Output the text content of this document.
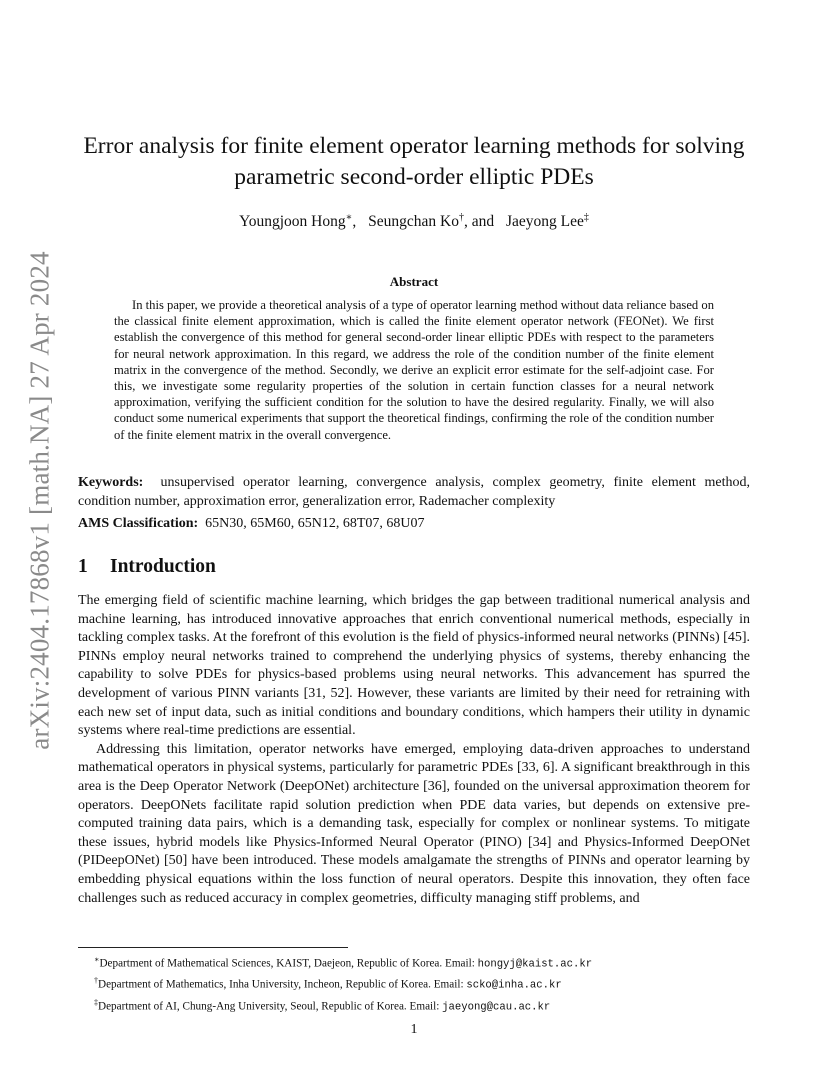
arXiv:2404.17868v1 [math.NA] 27 Apr 2024
Error analysis for finite element operator learning methods for solving parametric second-order elliptic PDEs
Youngjoon Hong∗, Seungchan Ko†, and Jaeyong Lee‡
Abstract
In this paper, we provide a theoretical analysis of a type of operator learning method without data reliance based on the classical finite element approximation, which is called the finite element operator network (FEONet). We first establish the convergence of this method for general second-order linear elliptic PDEs with respect to the parameters for neural network approximation. In this regard, we address the role of the condition number of the finite element matrix in the convergence of the method. Secondly, we derive an explicit error estimate for the self-adjoint case. For this, we investigate some regularity properties of the solution in certain function classes for a neural network approximation, verifying the sufficient condition for the solution to have the desired regularity. Finally, we will also conduct some numerical experiments that support the theoretical findings, confirming the role of the condition number of the finite element matrix in the overall convergence.
Keywords: unsupervised operator learning, convergence analysis, complex geometry, finite element method, condition number, approximation error, generalization error, Rademacher complexity
AMS Classification: 65N30, 65M60, 65N12, 68T07, 68U07
1 Introduction

The emerging field of scientific machine learning, which bridges the gap between traditional numerical analysis and machine learning, has introduced innovative approaches that enrich conventional numerical methods, especially in tackling complex tasks. At the forefront of this evolution is the field of physics-informed neural networks (PINNs) [45]. PINNs employ neural networks trained to comprehend the underlying physics of systems, thereby enhancing the capability to solve PDEs for physics-based problems using neural networks. This advancement has spurred the development of various PINN variants [31, 52]. However, these variants are limited by their need for retraining with each new set of input data, such as initial conditions and boundary conditions, which hampers their utility in dynamic systems where real-time predictions are essential.

Addressing this limitation, operator networks have emerged, employing data-driven approaches to understand mathematical operators in physical systems, particularly for parametric PDEs [33, 6]. A significant breakthrough in this area is the Deep Operator Network (DeepONet) architecture [36], founded on the universal approximation theorem for operators. DeepONets facilitate rapid solution prediction when PDE data varies, but depends on extensive pre-computed training data pairs, which is a demanding task, especially for complex or nonlinear systems. To mitigate these issues, hybrid models like Physics-Informed Neural Operator (PINO) [34] and Physics-Informed DeepONet (PIDeepONet) [50] have been introduced. These models amalgamate the strengths of PINNs and operator learning by embedding physical equations within the loss function of neural operators. Despite this innovation, they often face challenges such as reduced accuracy in complex geometries, difficulty managing stiff problems, and

∗Department of Mathematical Sciences, KAIST, Daejeon, Republic of Korea. Email: hongyj@kaist.ac.kr
†Department of Mathematics, Inha University, Incheon, Republic of Korea. Email: scko@inha.ac.kr
‡Department of AI, Chung-Ang University, Seoul, Republic of Korea. Email: jaeyong@cau.ac.kr
1
